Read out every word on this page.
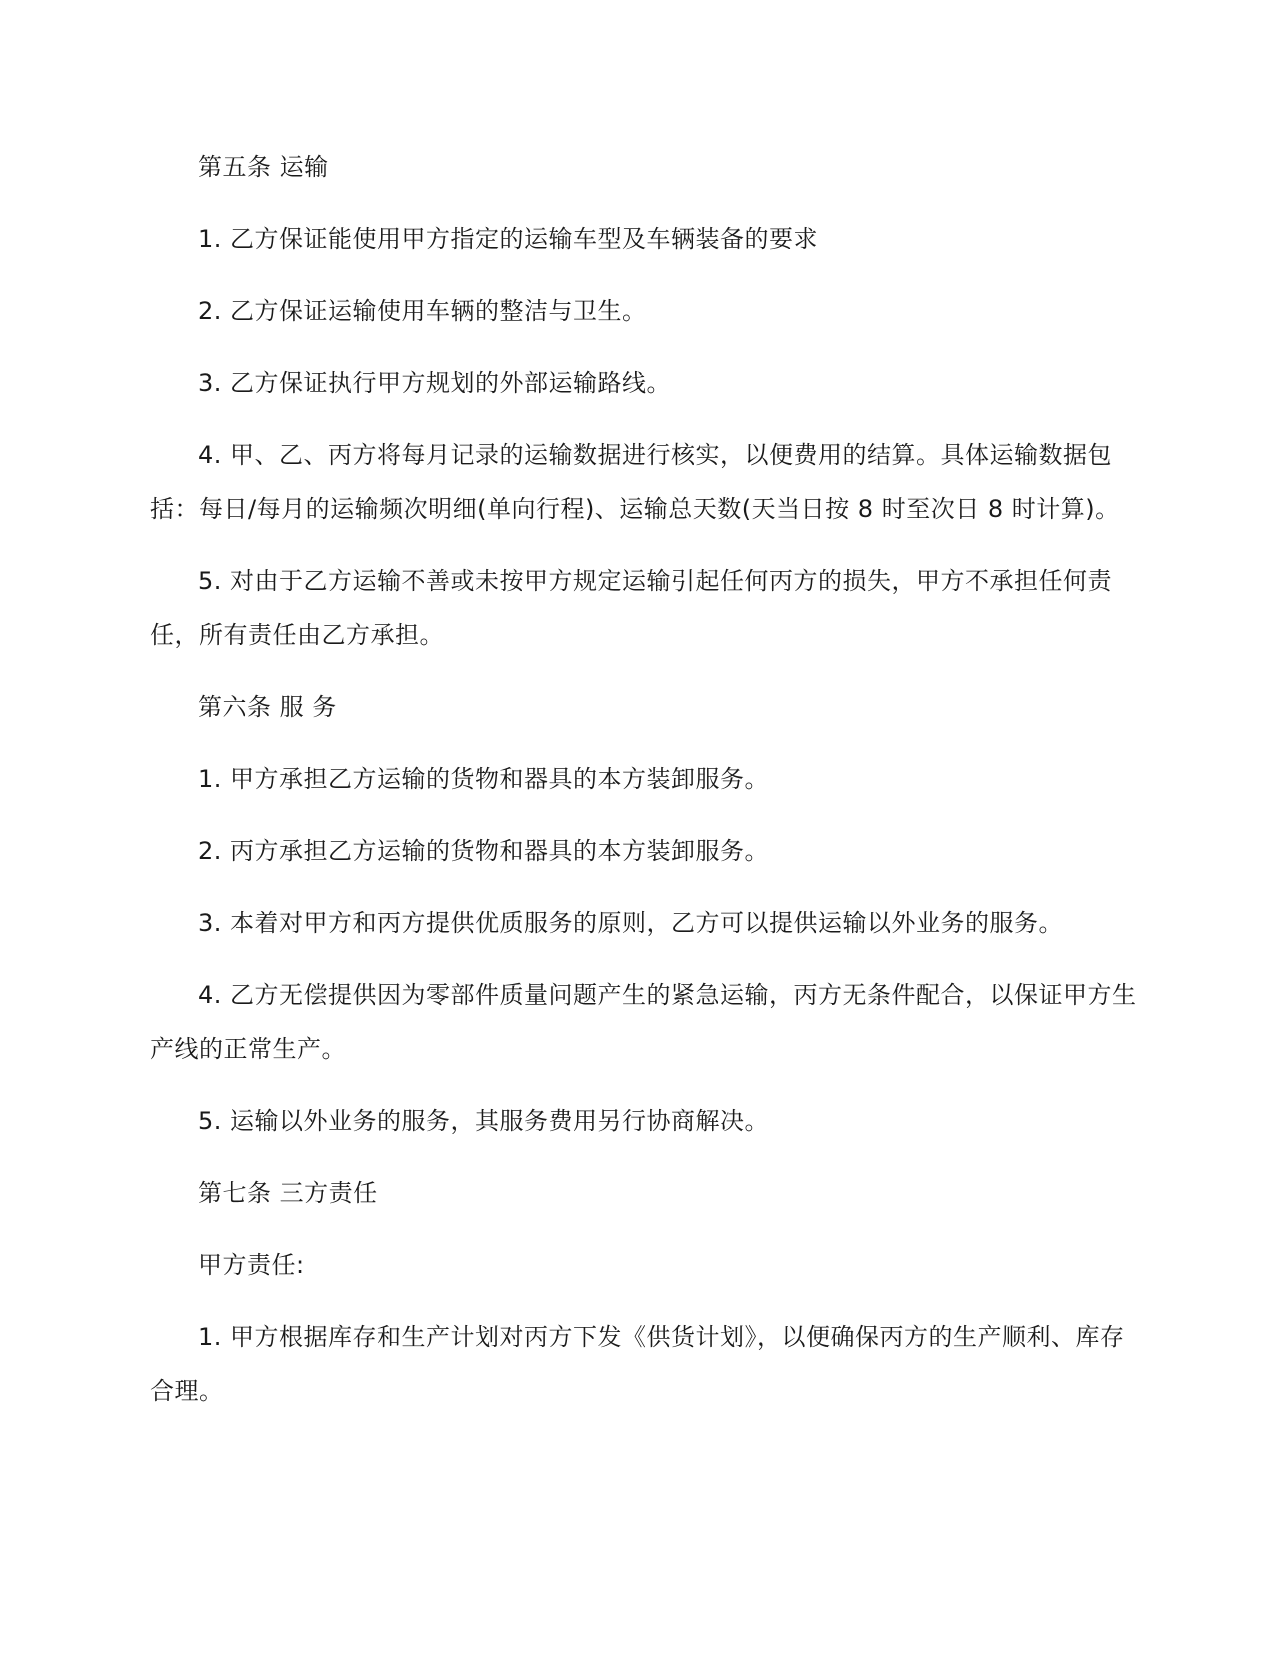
第五条 运输

1. 乙方保证能使用甲方指定的运输车型及车辆装备的要求

2. 乙方保证运输使用车辆的整洁与卫生。

3. 乙方保证执行甲方规划的外部运输路线。

4. 甲、乙、丙方将每月记录的运输数据进行核实，以便费用的结算。具体运输数据包括：每日/每月的运输频次明细(单向行程)、运输总天数(天当日按 8 时至次日 8 时计算)。

5. 对由于乙方运输不善或未按甲方规定运输引起任何丙方的损失，甲方不承担任何责任，所有责任由乙方承担。

第六条 服 务

1. 甲方承担乙方运输的货物和器具的本方装卸服务。

2. 丙方承担乙方运输的货物和器具的本方装卸服务。

3. 本着对甲方和丙方提供优质服务的原则，乙方可以提供运输以外业务的服务。

4. 乙方无偿提供因为零部件质量问题产生的紧急运输，丙方无条件配合，以保证甲方生产线的正常生产。

5. 运输以外业务的服务，其服务费用另行协商解决。

第七条 三方责任

甲方责任:

1. 甲方根据库存和生产计划对丙方下发《供货计划》，以便确保丙方的生产顺利、库存合理。
